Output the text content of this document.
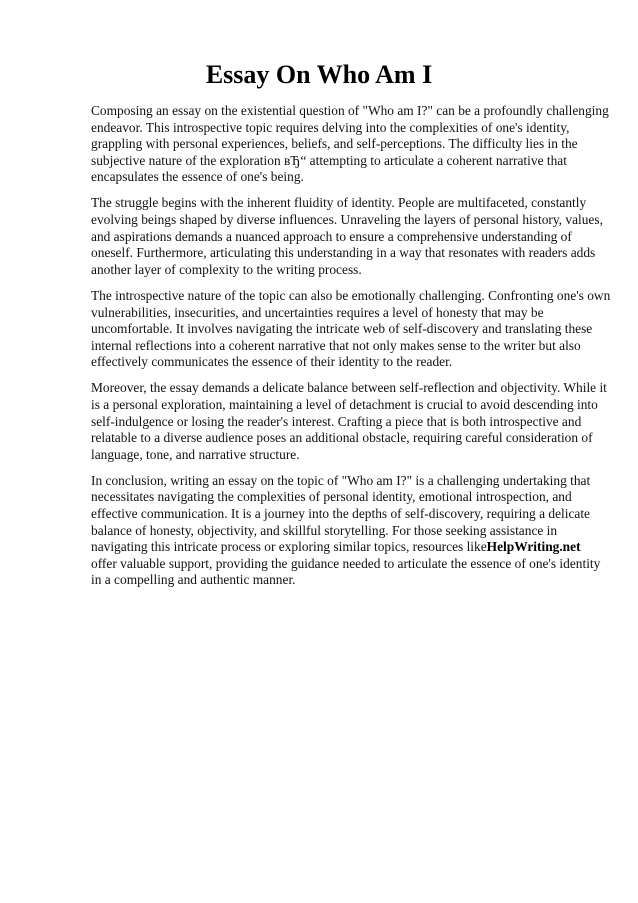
Essay On Who Am I

Composing an essay on the existential question of "Who am I?" can be a profoundly challenging
endeavor. This introspective topic requires delving into the complexities of one's identity,
grappling with personal experiences, beliefs, and self-perceptions. The difficulty lies in the
subjective nature of the exploration вЂ“ attempting to articulate a coherent narrative that
encapsulates the essence of one's being.

The struggle begins with the inherent fluidity of identity. People are multifaceted, constantly
evolving beings shaped by diverse influences. Unraveling the layers of personal history, values,
and aspirations demands a nuanced approach to ensure a comprehensive understanding of
oneself. Furthermore, articulating this understanding in a way that resonates with readers adds
another layer of complexity to the writing process.

The introspective nature of the topic can also be emotionally challenging. Confronting one's own
vulnerabilities, insecurities, and uncertainties requires a level of honesty that may be
uncomfortable. It involves navigating the intricate web of self-discovery and translating these
internal reflections into a coherent narrative that not only makes sense to the writer but also
effectively communicates the essence of their identity to the reader.

Moreover, the essay demands a delicate balance between self-reflection and objectivity. While it
is a personal exploration, maintaining a level of detachment is crucial to avoid descending into
self-indulgence or losing the reader's interest. Crafting a piece that is both introspective and
relatable to a diverse audience poses an additional obstacle, requiring careful consideration of
language, tone, and narrative structure.

In conclusion, writing an essay on the topic of "Who am I?" is a challenging undertaking that
necessitates navigating the complexities of personal identity, emotional introspection, and
effective communication. It is a journey into the depths of self-discovery, requiring a delicate
balance of honesty, objectivity, and skillful storytelling. For those seeking assistance in
navigating this intricate process or exploring similar topics, resources likeHelpWriting.net
offer valuable support, providing the guidance needed to articulate the essence of one's identity
in a compelling and authentic manner.
